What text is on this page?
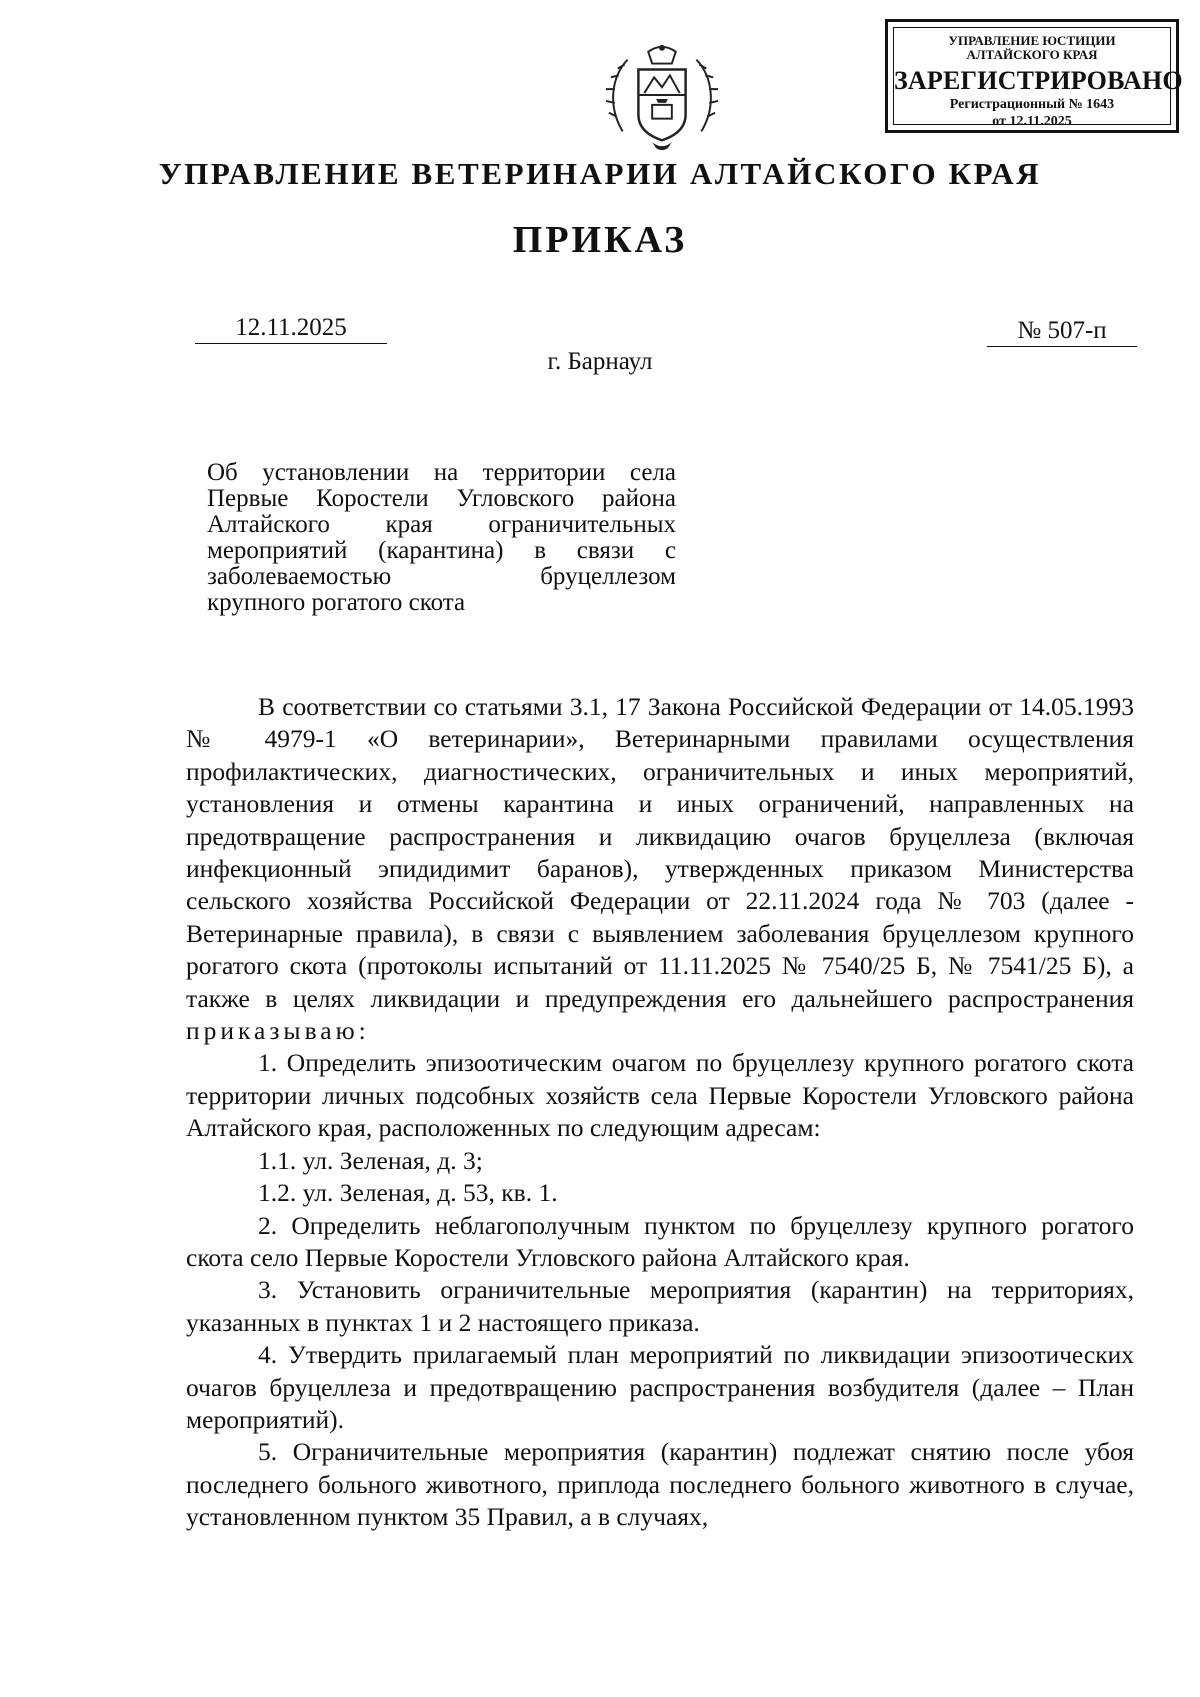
УПРАВЛЕНИЕ ЮСТИЦИИ
АЛТАЙСКОГО КРАЯ
ЗАРЕГИСТРИРОВАНО
Регистрационный № 1643
от 12.11.2025
УПРАВЛЕНИЕ ВЕТЕРИНАРИИ АЛТАЙСКОГО КРАЯ
ПРИКАЗ
12.11.2025	№ 507-п
г. Барнаул
Об установлении на территории села
Первые Коростели Угловского района
Алтайского края ограничительных
мероприятий (карантина) в связи с
заболеваемостью бруцеллезом
крупного рогатого скота

В соответствии со статьями 3.1, 17 Закона Российской Федерации от 14.05.1993 № 4979-1 «О ветеринарии», Ветеринарными правилами осуществления профилактических, диагностических, ограничительных и иных мероприятий, установления и отмены карантина и иных ограничений, направленных на предотвращение распространения и ликвидацию очагов бруцеллеза (включая инфекционный эпидидимит баранов), утвержденных приказом Министерства сельского хозяйства Российской Федерации от 22.11.2024 года № 703 (далее - Ветеринарные правила), в связи с выявлением заболевания бруцеллезом крупного рогатого скота (протоколы испытаний от 11.11.2025 № 7540/25 Б, № 7541/25 Б), а также в целях ликвидации и предупреждения его дальнейшего распространения приказываю:

1. Определить эпизоотическим очагом по бруцеллезу крупного рогатого скота территории личных подсобных хозяйств села Первые Коростели Угловского района Алтайского края, расположенных по следующим адресам:

1.1. ул. Зеленая, д. 3;

1.2. ул. Зеленая, д. 53, кв. 1.

2. Определить неблагополучным пунктом по бруцеллезу крупного рогатого скота село Первые Коростели Угловского района Алтайского края.

3. Установить ограничительные мероприятия (карантин) на территориях, указанных в пунктах 1 и 2 настоящего приказа.

4. Утвердить прилагаемый план мероприятий по ликвидации эпизоотических очагов бруцеллеза и предотвращению распространения возбудителя (далее – План мероприятий).

5. Ограничительные мероприятия (карантин) подлежат снятию после убоя последнего больного животного, приплода последнего больного животного в случае, установленном пунктом 35 Правил, а в случаях,
